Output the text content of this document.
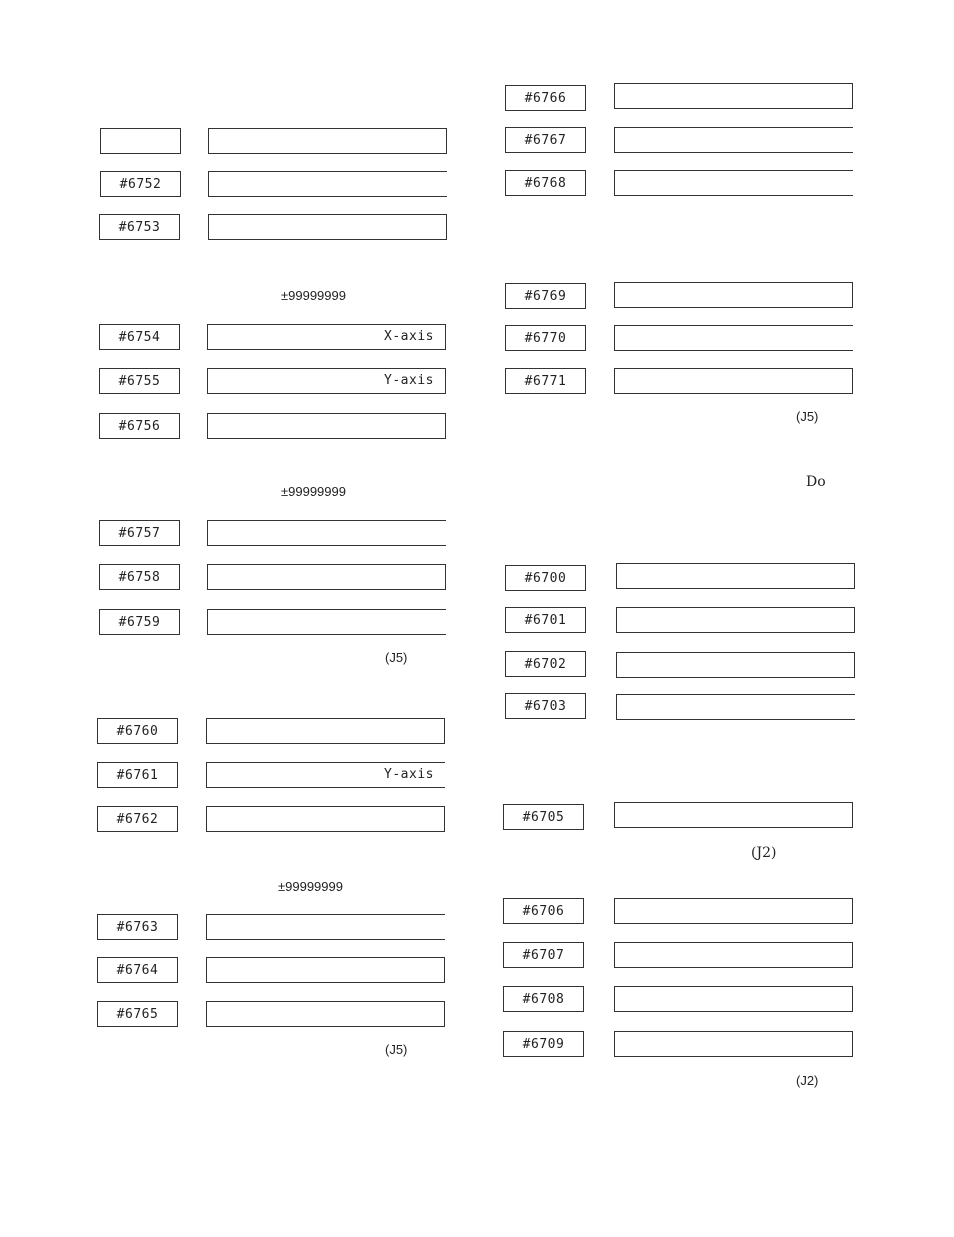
#6752
#6753
±99999999
#6754	X-axis
#6755	Y-axis
#6756
±99999999
#6757
#6758
#6759
(J5)
#6760
#6761	Y-axis
#6762
±99999999
#6763
#6764
#6765
(J5)
#6766
#6767
#6768
#6769
#6770
#6771
(J5)
Do
#6700
#6701
#6702
#6703
#6705
(J2)
#6706
#6707
#6708
#6709
(J2)
